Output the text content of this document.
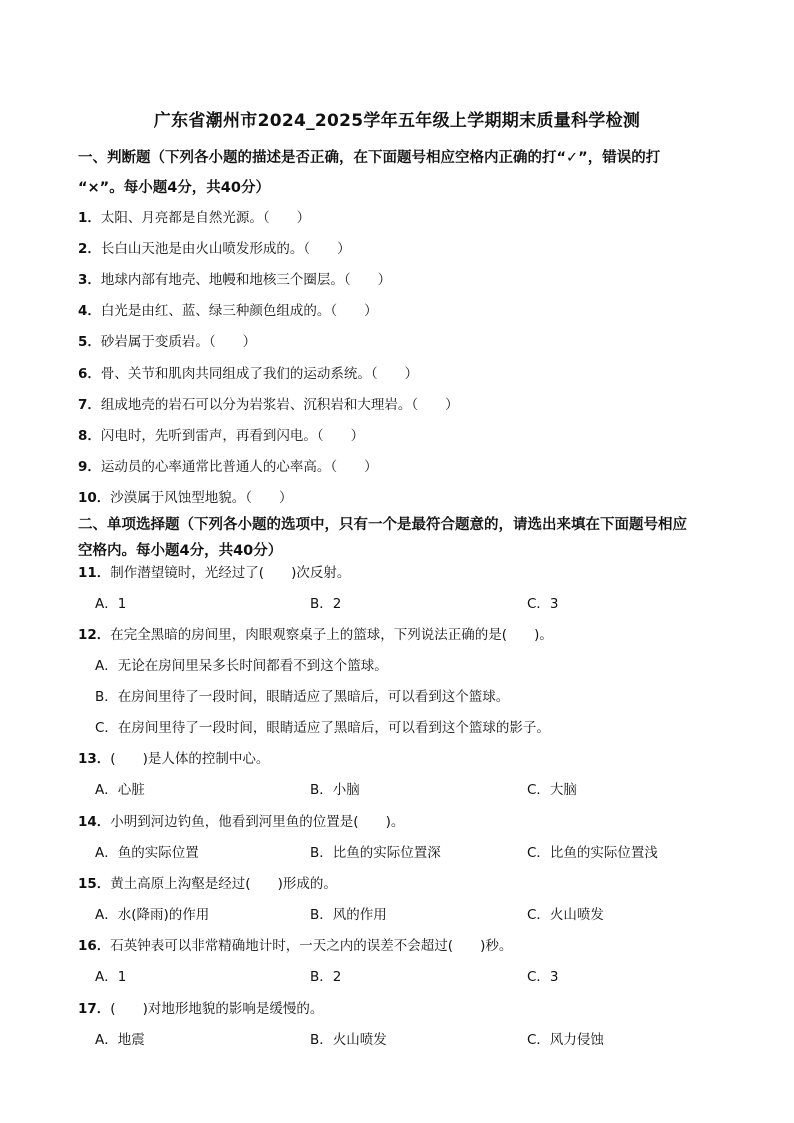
广东省潮州市2024_2025学年五年级上学期期末质量科学检测
一、判断题（下列各小题的描述是否正确，在下面题号相应空格内正确的打“✓”，错误的打
“×”。每小题4分，共40分）
1．太阳、月亮都是自然光源。（　　）
2．长白山天池是由火山喷发形成的。（　　）
3．地球内部有地壳、地幔和地核三个圈层。（　　）
4．白光是由红、蓝、绿三种颜色组成的。（　　）
5．砂岩属于变质岩。（　　）
6．骨、关节和肌肉共同组成了我们的运动系统。（　　）
7．组成地壳的岩石可以分为岩浆岩、沉积岩和大理岩。（　　）
8．闪电时，先听到雷声，再看到闪电。（　　）
9．运动员的心率通常比普通人的心率高。（　　）
10．沙漠属于风蚀型地貌。（　　）
二、单项选择题（下列各小题的选项中，只有一个是最符合题意的，请选出来填在下面题号相应
空格内。每小题4分，共40分）
11．制作潜望镜时，光经过了(　　)次反射。
A．1	B．2	C．3
12．在完全黑暗的房间里，肉眼观察桌子上的篮球，下列说法正确的是(　　)。
A．无论在房间里呆多长时间都看不到这个篮球。
B．在房间里待了一段时间，眼睛适应了黑暗后，可以看到这个篮球。
C．在房间里待了一段时间，眼睛适应了黑暗后，可以看到这个篮球的影子。
13．(　　)是人体的控制中心。
A．心脏	B．小脑	C．大脑
14．小明到河边钓鱼，他看到河里鱼的位置是(　　)。
A．鱼的实际位置	B．比鱼的实际位置深	C．比鱼的实际位置浅
15．黄土高原上沟壑是经过(　　)形成的。
A．水(降雨)的作用	B．风的作用	C．火山喷发
16．石英钟表可以非常精确地计时，一天之内的误差不会超过(　　)秒。
A．1	B．2	C．3
17．(　　)对地形地貌的影响是缓慢的。
A．地震	B．火山喷发	C．风力侵蚀
